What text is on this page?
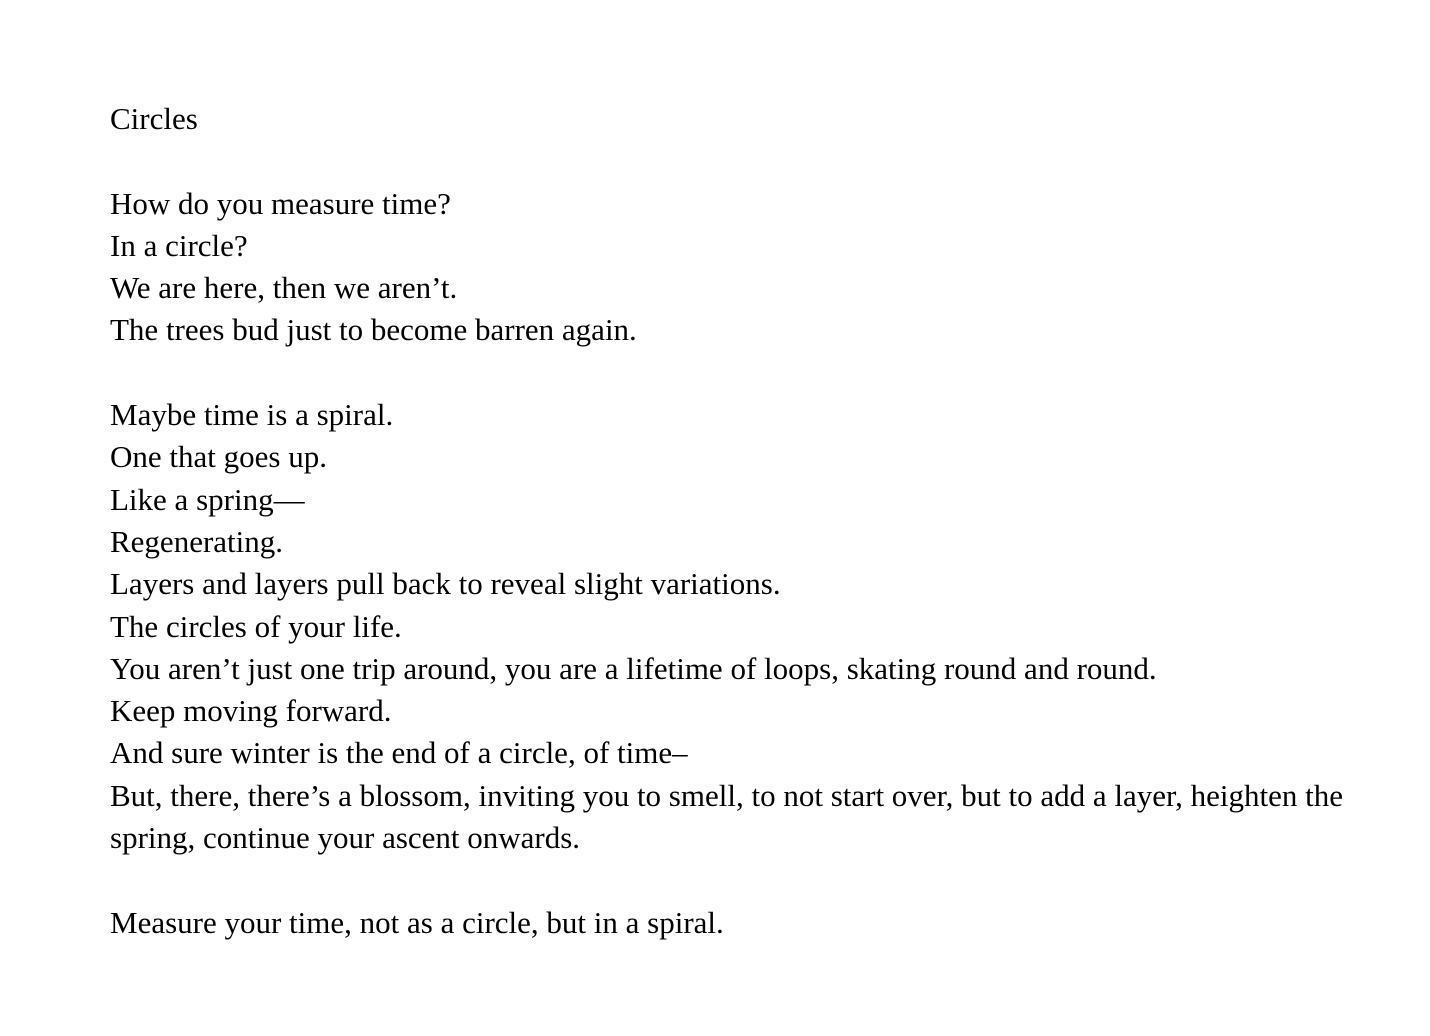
Circles
How do you measure time?
In a circle?
We are here, then we aren’t.
The trees bud just to become barren again.
Maybe time is a spiral.
One that goes up.
Like a spring—
Regenerating.
Layers and layers pull back to reveal slight variations.
The circles of your life.
You aren’t just one trip around, you are a lifetime of loops, skating round and round.
Keep moving forward.
And sure winter is the end of a circle, of time–
But, there, there’s a blossom, inviting you to smell, to not start over, but to add a layer, heighten the spring, continue your ascent onwards.
Measure your time, not as a circle, but in a spiral.
